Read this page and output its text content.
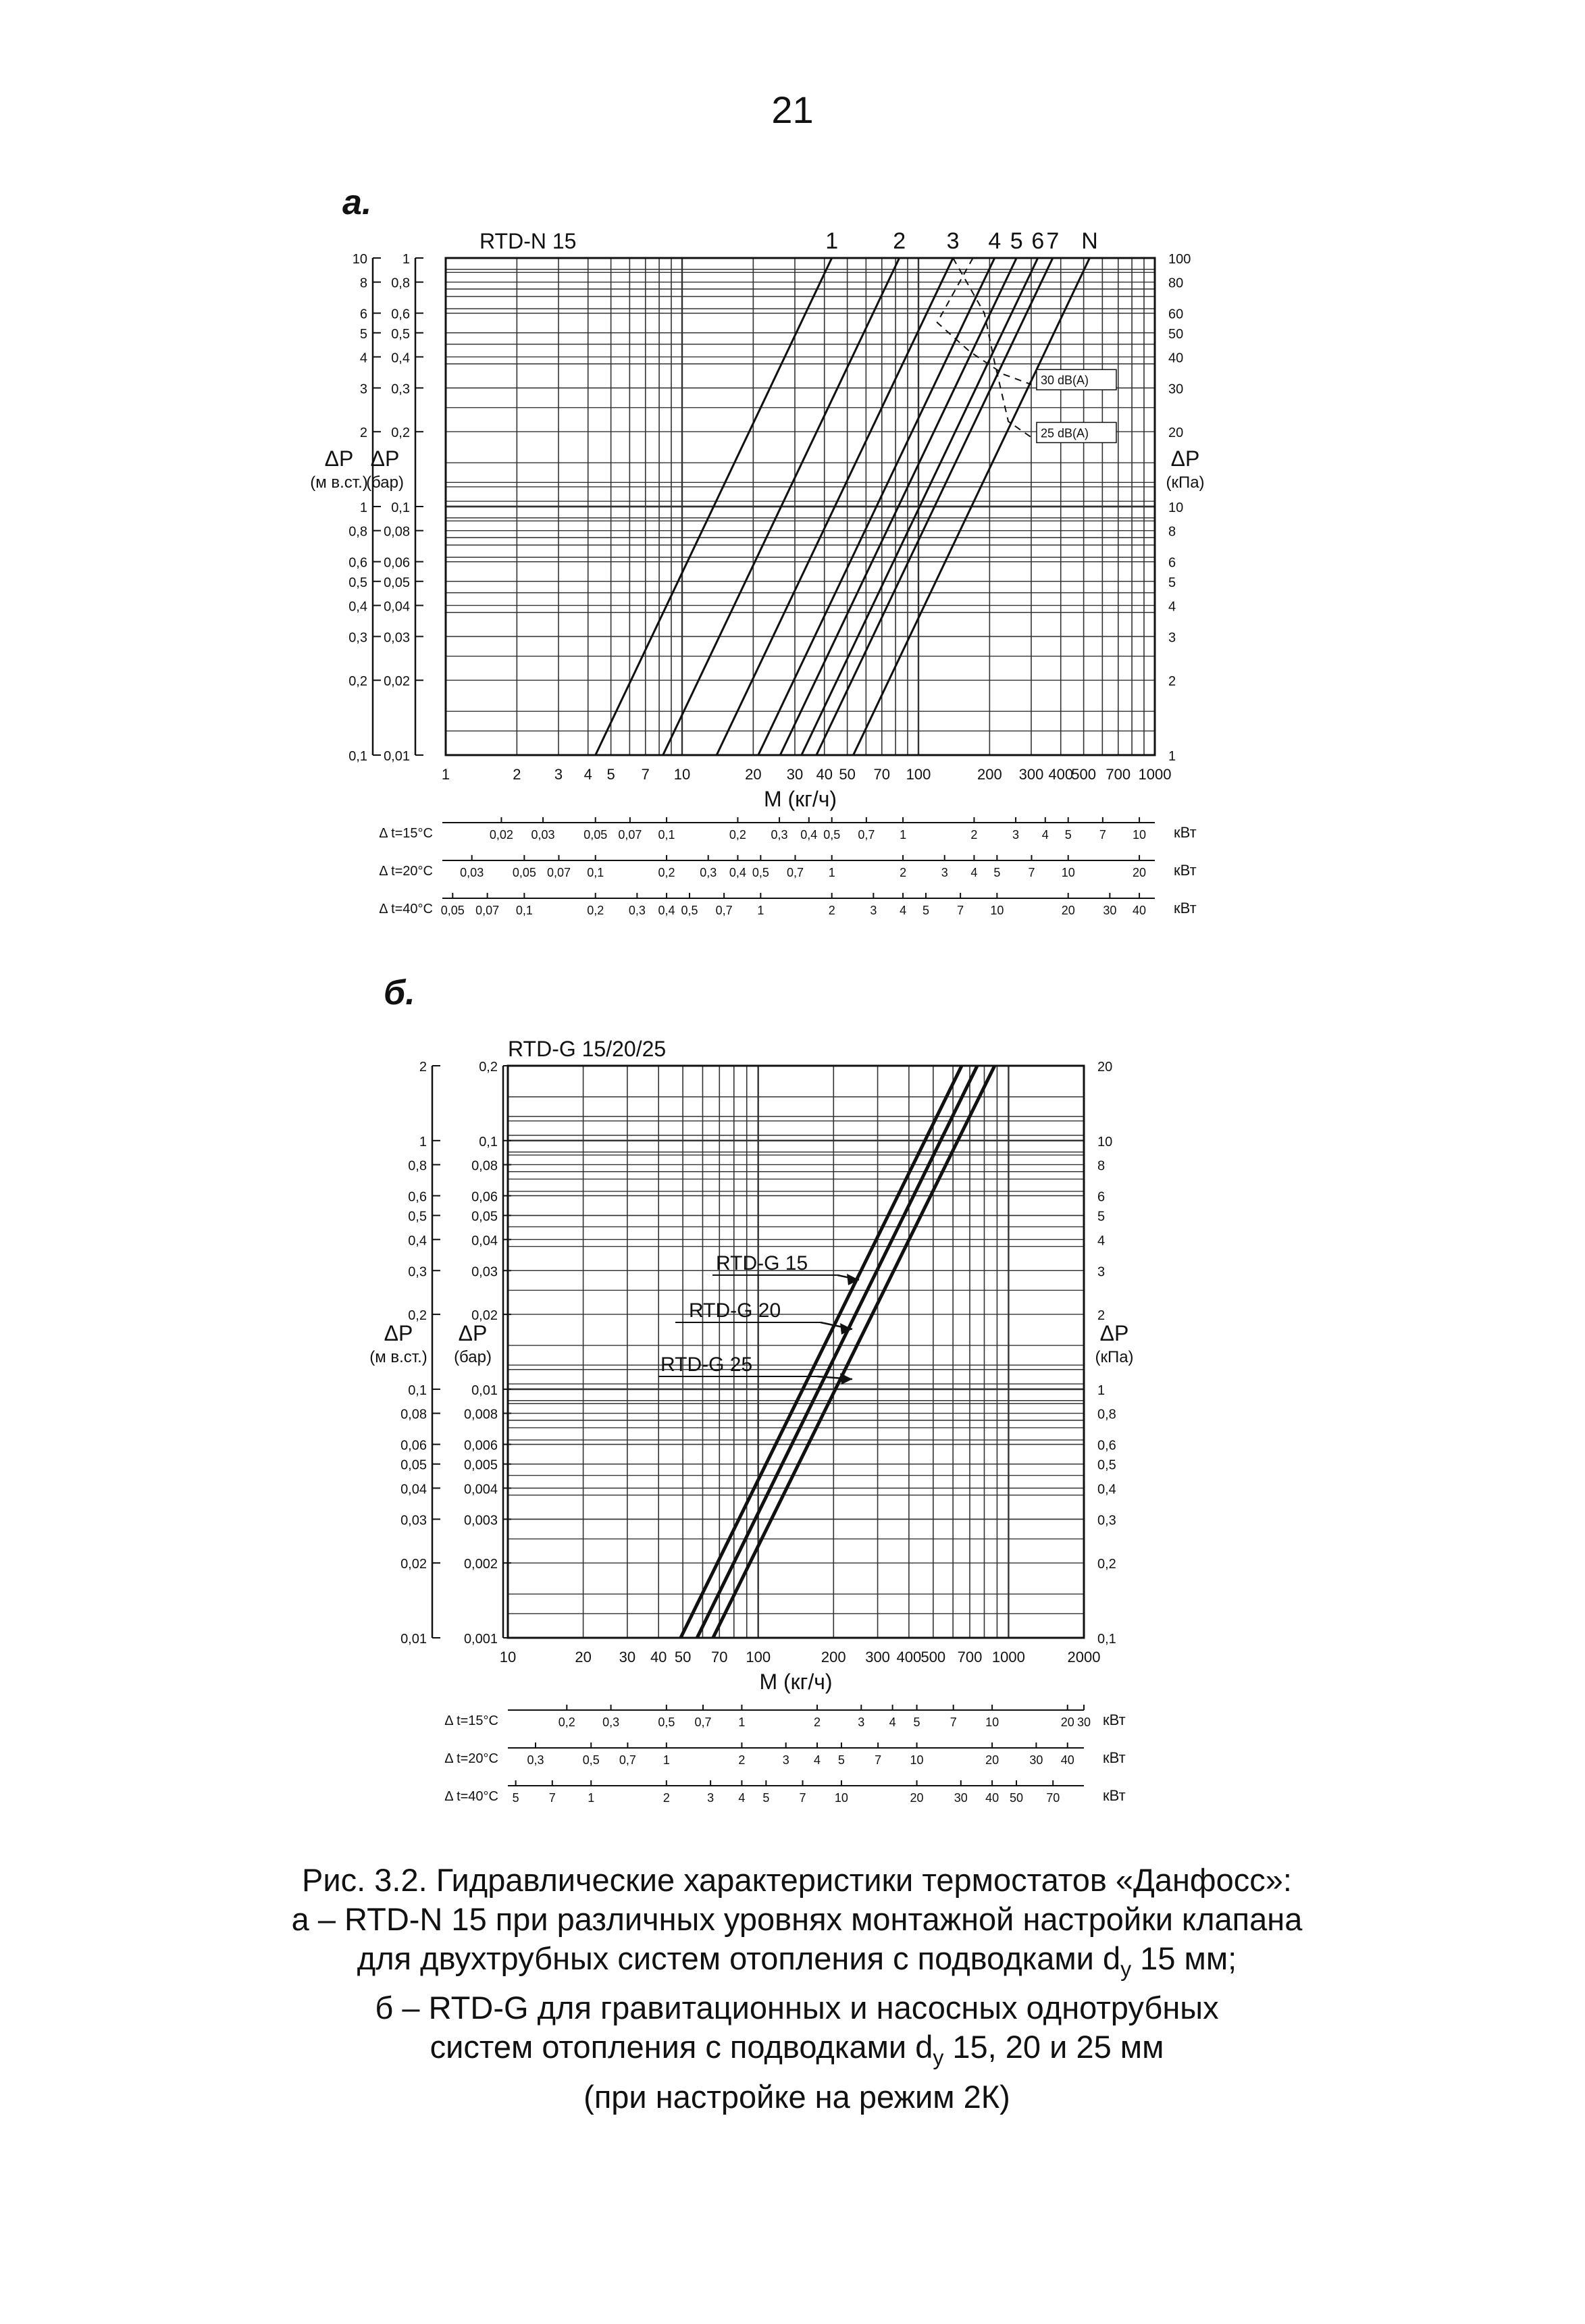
21
а.
б.
RTD-N 15
1	2 3 4 5 7 10	20 30 40 50 70 100	200 300 400
500 700 1000
M (кг/ч)
10
8
6
5
4
3
2
1
0,8
0,6
0,5
0,4
0,3
0,2
0,1
1
0,8
0,6
0,5
0,4
0,3
0,2
0,1
0,08
0,06
0,05
0,04
0,03
0,02
0,01
100
80
60
50
40
30
20
10
8
6
5
4
3
2
1
ΔP
(м в.ст.)
ΔP
(бар)
ΔP
(кПа)
1 2 3 4 5 6 7 N
30 dB(A)
25 dB(A)
Δ t=15°C	кВт
0,02 0,03 0,05 0,07 0,1	0,2 0,3 0,4 0,5 0,7 1	2	3 4 5 7 10
Δ t=20°C	кВт
0,03 0,05 0,07 0,1	0,2 0,3 0,4 0,5 0,7 1	2	3 4 5 7 10	20
Δ t=40°C	кВт
0,05 0,07 0,1	0,2 0,3 0,4 0,5 0,7 1	2	3 4 5 7 10	20 30 40
RTD-G 15/20/25
10	20 30 40 50 70 100	200 300 400 500 700 1000	2000
M (кг/ч)
2
1
0,8
0,6
0,5
0,4
0,3
0,2
0,1
0,08
0,06
0,05
0,04
0,03
0,02
0,01
0,2
0,1
0,08
0,06
0,05
0,04
0,03
0,02
0,01
0,008
0,006
0,005
0,004
0,003
0,002
0,001
20
10
8
6
5
4
3
2
1
0,8
0,6
0,5
0,4
0,3
0,2
0,1
ΔP
(м в.ст.)
ΔP
(бар)
ΔP
(кПа)
RTD-G 15
RTD-G 20
RTD-G 25
Δ t=15°C	кВт
0,2 0,3	0,5 0,7 1	2	3 4 5 7 10	20 30
Δ t=20°C	кВт
0,3	0,5 0,7 1	2	3 4 5 7 10	20	30 40
Δ t=40°C	кВт
5 7	1	2	3 4 5 7 10	20	30 40 50 70
Рис. 3.2. Гидравлические характеристики термостатов «Данфосс»:
а – RTD-N 15 при различных уровнях монтажной настройки клапана
для двухтрубных систем отопления с подводками $d_у$ 15 мм;
б – RTD-G для гравитационных и насосных однотрубных
систем отопления с подводками $d_у$ 15, 20 и 25 мм
(при настройке на режим 2К)
